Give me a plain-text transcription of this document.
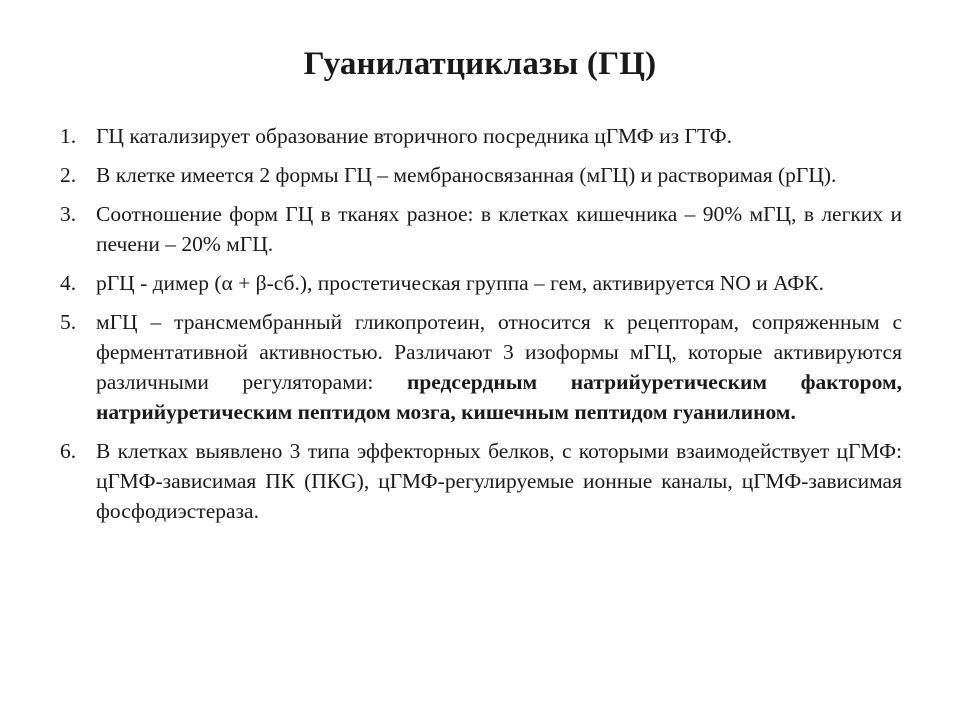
Гуанилатциклазы (ГЦ)
1. ГЦ катализирует образование вторичного посредника цГМФ из ГТФ.
2. В клетке имеется 2 формы ГЦ – мембраносвязанная (мГЦ) и растворимая (рГЦ).
3. Соотношение форм ГЦ в тканях разное: в клетках кишечника – 90% мГЦ, в легких и печени – 20% мГЦ.
4. рГЦ - димер (α + β-сб.), простетическая группа – гем, активируется NO и АФК.
5. мГЦ – трансмембранный гликопротеин, относится к рецепторам, сопряженным с ферментативной активностью. Различают 3 изоформы мГЦ, которые активируются различными регуляторами: предсердным натрийуретическим фактором, натрийуретическим пептидом мозга, кишечным пептидом гуанилином.
6. В клетках выявлено 3 типа эффекторных белков, с которыми взаимодействует цГМФ: цГМФ-зависимая ПК (ПКG), цГМФ-регулируемые ионные каналы, цГМФ-зависимая фосфодиэстераза.
